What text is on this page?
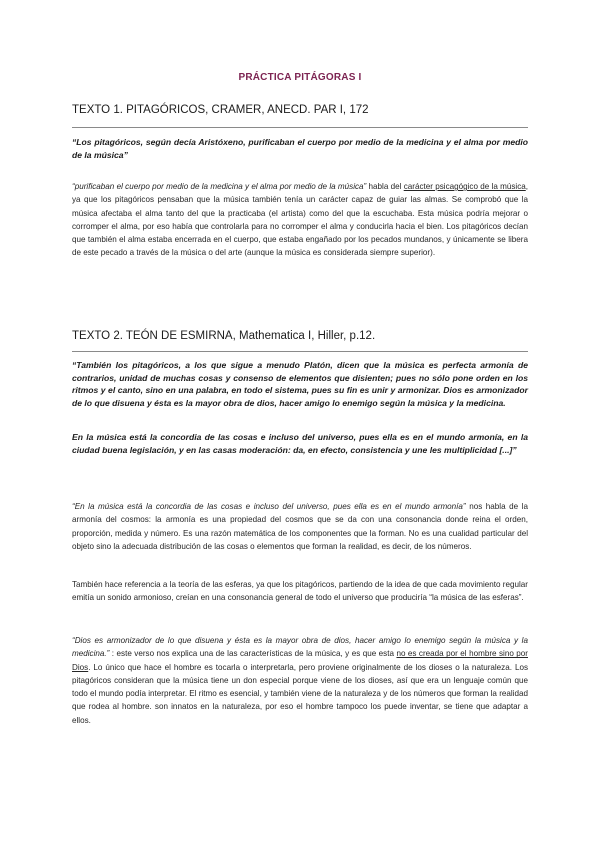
PRÁCTICA PITÁGORAS I
TEXTO 1. PITAGÓRICOS, CRAMER, ANECD. PAR I, 172

“Los pitagóricos, según decía Aristóxeno, purificaban el cuerpo por medio de la medicina y el alma por medio de la música”

“purificaban el cuerpo por medio de la medicina y el alma por medio de la música” habla del carácter psicagógico de la música, ya que los pitagóricos pensaban que la música también tenía un carácter capaz de guiar las almas. Se comprobó que la música afectaba el alma tanto del que la practicaba (el artista) como del que la escuchaba. Esta música podría mejorar o corromper el alma, por eso había que controlarla para no corromper el alma y conducirla hacia el bien. Los pitagóricos decían que también el alma estaba encerrada en el cuerpo, que estaba engañado por los pecados mundanos, y únicamente se libera de este pecado a través de la música o del arte (aunque la música es considerada siempre superior).

TEXTO 2. TEÓN DE ESMIRNA, Mathematica I, Hiller, p.12.

“También los pitagóricos, a los que sigue a menudo Platón, dicen que la música es perfecta armonía de contrarios, unidad de muchas cosas y consenso de elementos que disienten; pues no sólo pone orden en los ritmos y el canto, sino en una palabra, en todo el sistema, pues su fin es unir y armonizar. Dios es armonizador de lo que disuena y ésta es la mayor obra de dios, hacer amigo lo enemigo según la música y la medicina.

En la música está la concordia de las cosas e incluso del universo, pues ella es en el mundo armonía, en la ciudad buena legislación, y en las casas moderación: da, en efecto, consistencia y une les multiplicidad [...]”

“En la música está la concordia de las cosas e incluso del universo, pues ella es en el mundo armonía” nos habla de la armonía del cosmos: la armonía es una propiedad del cosmos que se da con una consonancia donde reina el orden, proporción, medida y número. Es una razón matemática de los componentes que la forman. No es una cualidad particular del objeto sino la adecuada distribución de las cosas o elementos que forman la realidad, es decir, de los números.

También hace referencia a la teoría de las esferas, ya que los pitagóricos, partiendo de la idea de que cada movimiento regular emitía un sonido armonioso, creían en una consonancia general de todo el universo que produciría “la música de las esferas”.

“Dios es armonizador de lo que disuena y ésta es la mayor obra de dios, hacer amigo lo enemigo según la música y la medicina.” : este verso nos explica una de las características de la música, y es que esta no es creada por el hombre sino por Dios. Lo único que hace el hombre es tocarla o interpretarla, pero proviene originalmente de los dioses o la naturaleza. Los pitagóricos consideran que la música tiene un don especial porque viene de los dioses, así que era un lenguaje común que todo el mundo podía interpretar. El ritmo es esencial, y también viene de la naturaleza y de los números que forman la realidad que rodea al hombre. son innatos en la naturaleza, por eso el hombre tampoco los puede inventar, se tiene que adaptar a ellos.
